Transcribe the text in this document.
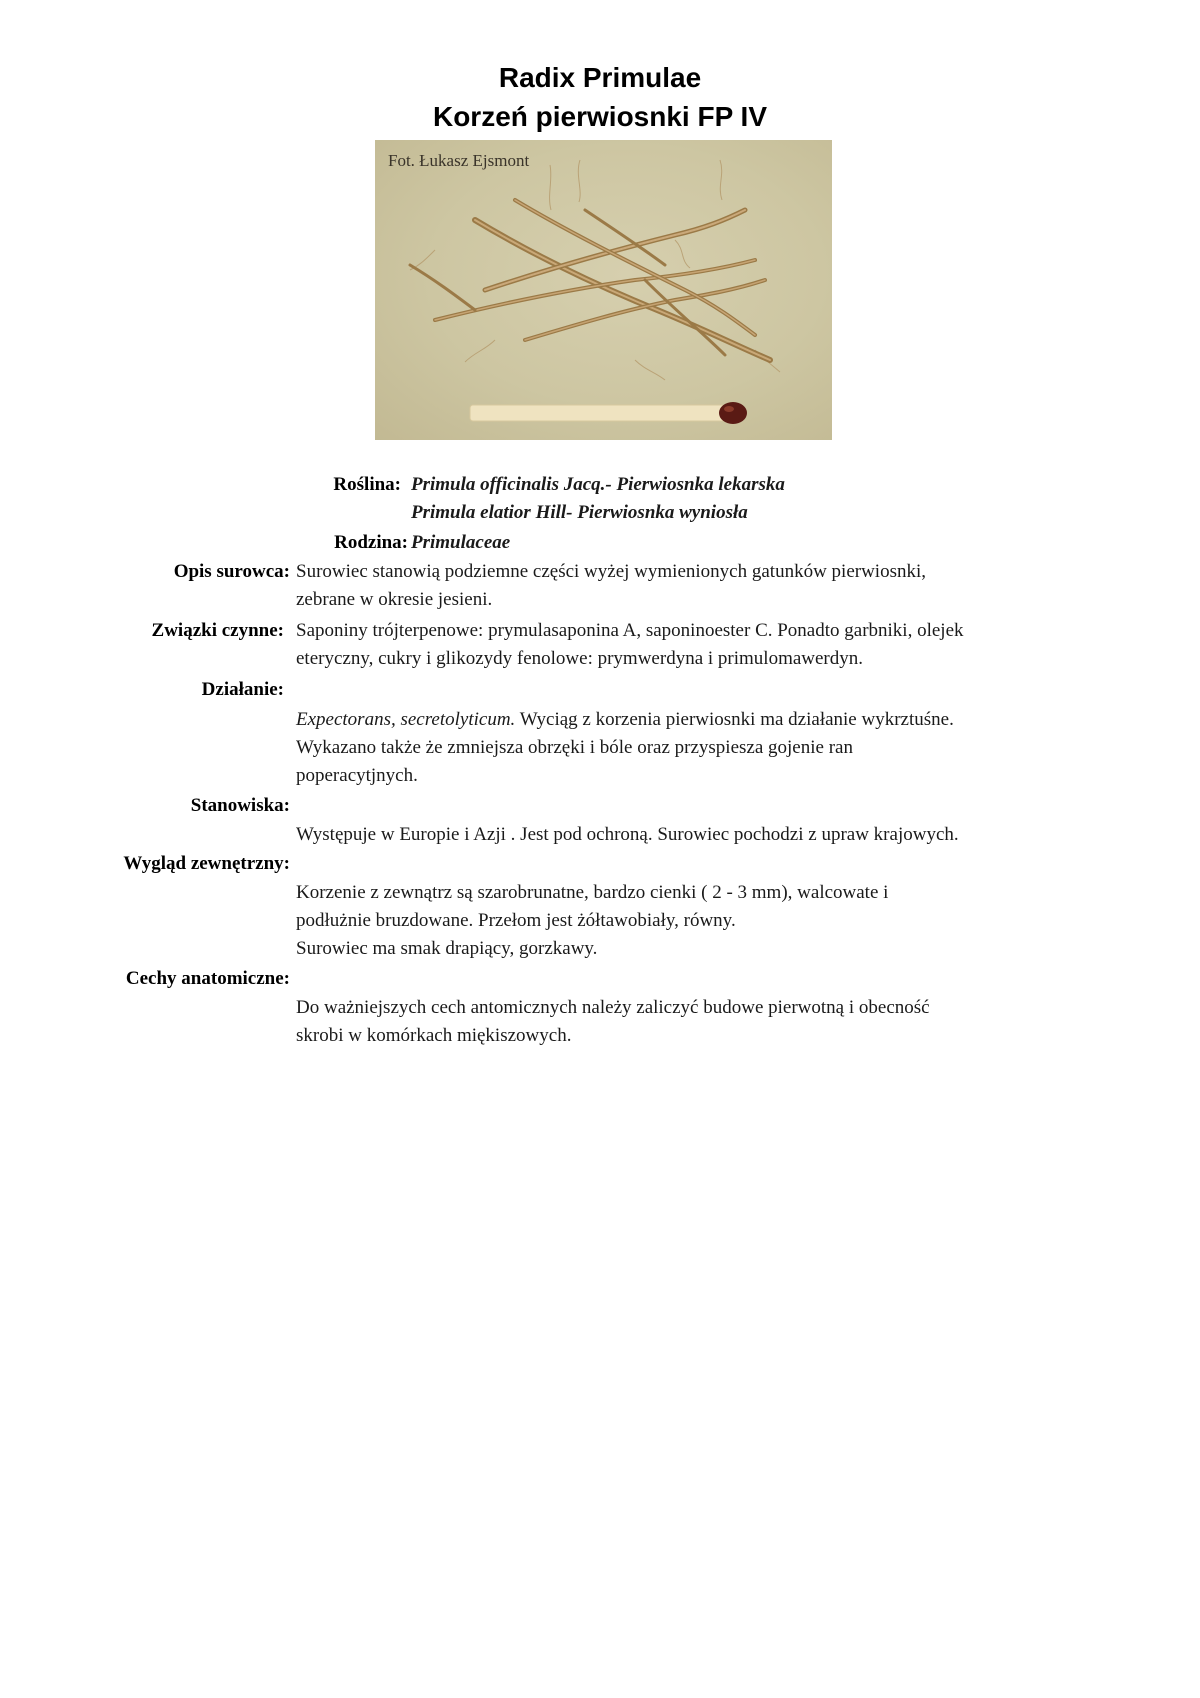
Radix Primulae
Korzeń pierwiosnki FP IV
Fot. Łukasz Ejsmont
Roślina: Primula officinalis Jacq.- Pierwiosnka lekarska

Primula elatior Hill- Pierwiosnka wyniosła

Rodzina: Primulaceae
Opis surowca: Surowiec stanowią podziemne części wyżej wymienionych gatunków pierwiosnki,

zebrane w okresie jesieni.

Związki czynne: Saponiny trójterpenowe: prymulasaponina A, saponinoester C. Ponadto garbniki, olejek

eteryczny, cukry i glikozydy fenolowe: prymwerdyna i primulomawerdyn.

Działanie:

Expectorans, secretolyticum. Wyciąg z korzenia pierwiosnki ma działanie wykrztuśne.

Wykazano także że zmniejsza obrzęki i bóle oraz przyspiesza gojenie ran

poperacytjnych.

Stanowiska:

Występuje w Europie i Azji . Jest pod ochroną. Surowiec pochodzi z upraw krajowych.

Wygląd zewnętrzny:

Korzenie z zewnątrz są szarobrunatne, bardzo cienki ( 2 - 3 mm), walcowate i

podłużnie bruzdowane. Przełom jest żółtawobiały, równy.

Surowiec ma smak drapiący, gorzkawy.

Cechy anatomiczne:

Do ważniejszych cech antomicznych należy zaliczyć budowe pierwotną i obecność

skrobi w komórkach miękiszowych.
